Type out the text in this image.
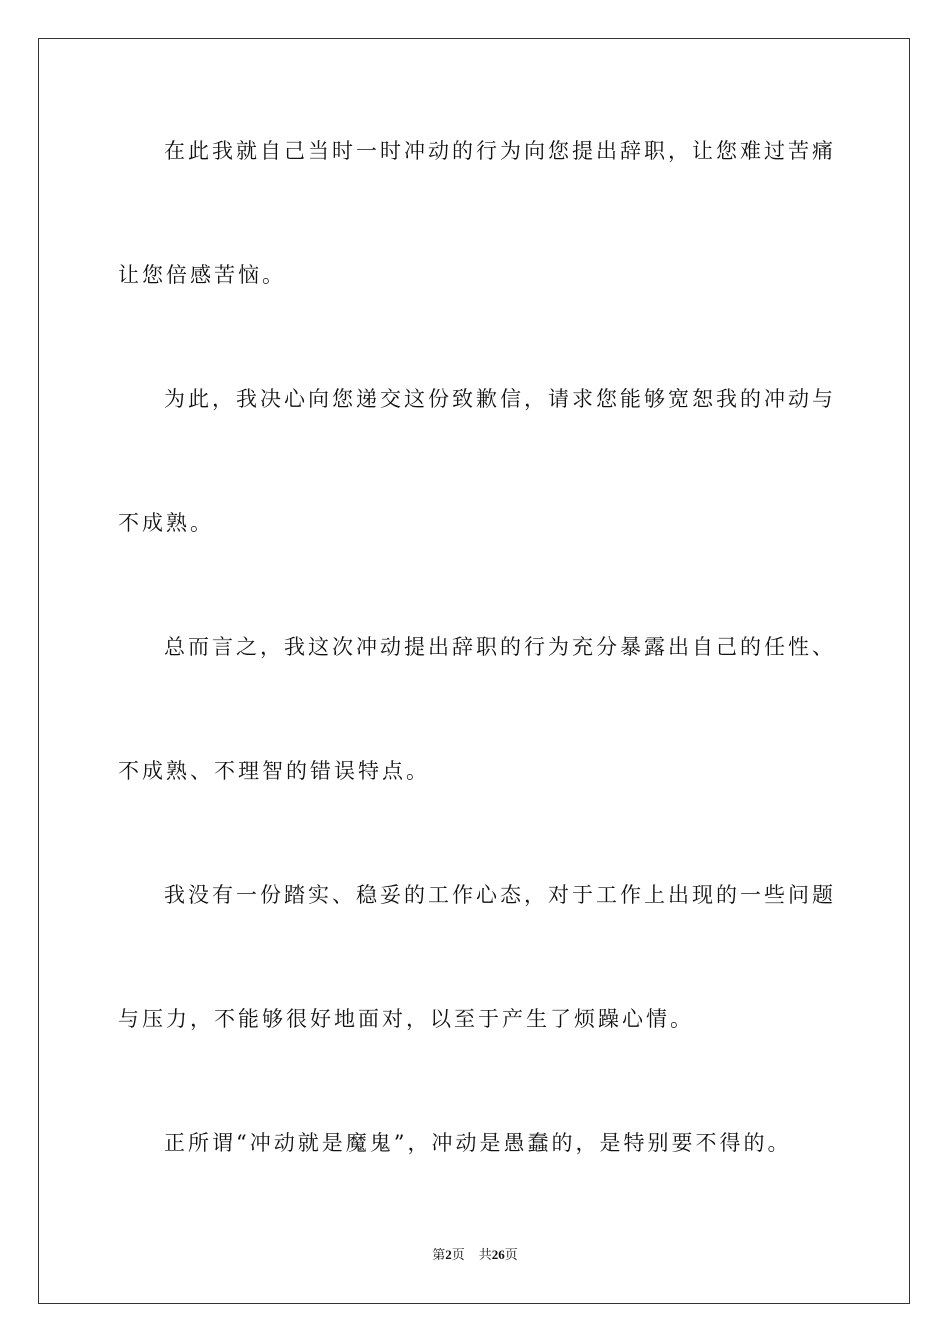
在此我就自己当时一时冲动的行为向您提出辞职，让您难过苦痛
让您倍感苦恼。
为此，我决心向您递交这份致歉信，请求您能够宽恕我的冲动与
不成熟。
总而言之，我这次冲动提出辞职的行为充分暴露出自己的任性、
不成熟、不理智的错误特点。
我没有一份踏实、稳妥的工作心态，对于工作上出现的一些问题
与压力，不能够很好地面对，以至于产生了烦躁心情。
正所谓“冲动就是魔鬼”，冲动是愚蠢的，是特别要不得的。
第2页 共26页
